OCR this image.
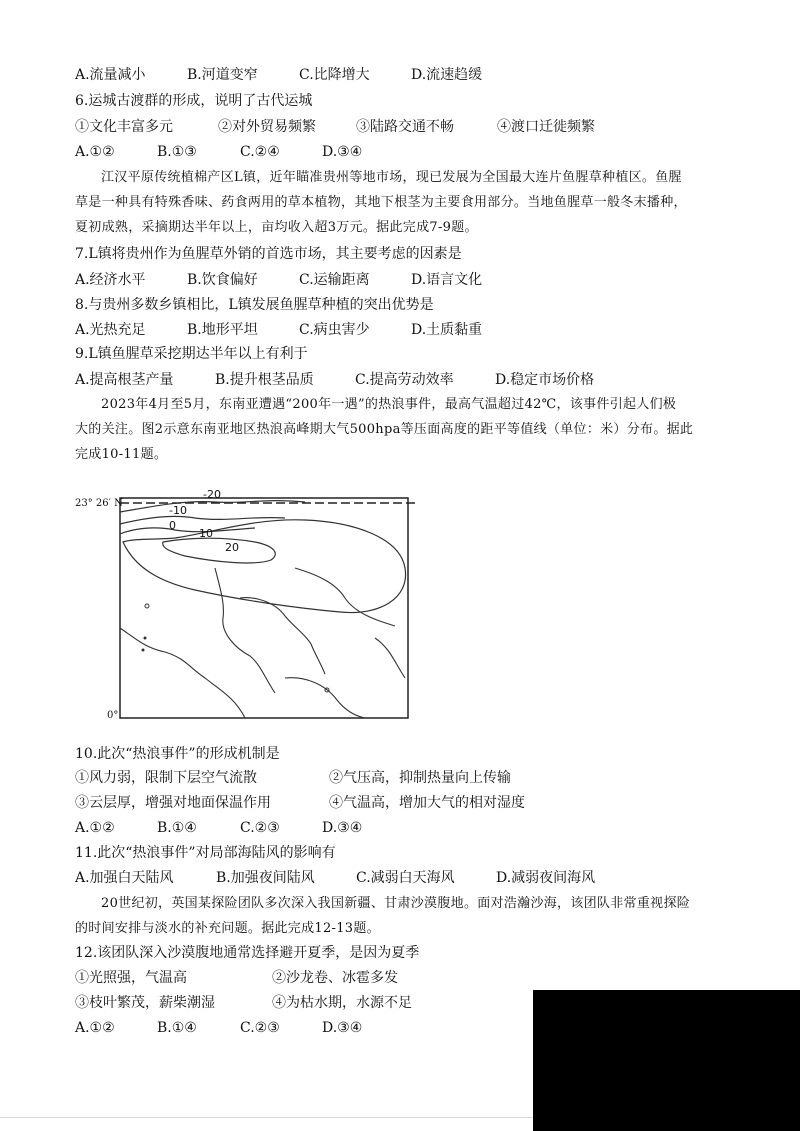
A.流量减小	B.河道变窄	C.比降增大	D.流速趋缓
6.运城古渡群的形成，说明了古代运城
①文化丰富多元	②对外贸易频繁	③陆路交通不畅	④渡口迁徙频繁
A.①②	B.①③	C.②④	D.③④
江汉平原传统植棉产区L镇，近年瞄准贵州等地市场，现已发展为全国最大连片鱼腥草种植区。鱼腥
草是一种具有特殊香味、药食两用的草本植物，其地下根茎为主要食用部分。当地鱼腥草一般冬末播种，
夏初成熟，采摘期达半年以上，亩均收入超3万元。据此完成7-9题。
7.L镇将贵州作为鱼腥草外销的首选市场，其主要考虑的因素是
A.经济水平	B.饮食偏好	C.运输距离	D.语言文化
8.与贵州多数乡镇相比，L镇发展鱼腥草种植的突出优势是
A.光热充足	B.地形平坦	C.病虫害少	D.土质黏重
9.L镇鱼腥草采挖期达半年以上有利于
A.提高根茎产量	B.提升根茎品质	C.提高劳动效率	D.稳定市场价格
2023年4月至5月，东南亚遭遇“200年一遇”的热浪事件，最高气温超过42℃，该事件引起人们极
大的关注。图2示意东南亚地区热浪高峰期大气500hpa等压面高度的距平等值线（单位：米）分布。据此
完成10-11题。
23° 26′ N
0°
-20
-10
0
10
20
10.此次“热浪事件”的形成机制是
①风力弱，限制下层空气流散	②气压高，抑制热量向上传输
③云层厚，增强对地面保温作用	④气温高，增加大气的相对湿度
A.①②	B.①④	C.②③	D.③④
11.此次“热浪事件”对局部海陆风的影响有
A.加强白天陆风	B.加强夜间陆风	C.减弱白天海风	D.减弱夜间海风
20世纪初，英国某探险团队多次深入我国新疆、甘肃沙漠腹地。面对浩瀚沙海，该团队非常重视探险
的时间安排与淡水的补充问题。据此完成12-13题。
12.该团队深入沙漠腹地通常选择避开夏季，是因为夏季
①光照强，气温高	②沙龙卷、冰雹多发
③枝叶繁茂，薪柴潮湿	④为枯水期，水源不足
A.①②	B.①④	C.②③	D.③④
